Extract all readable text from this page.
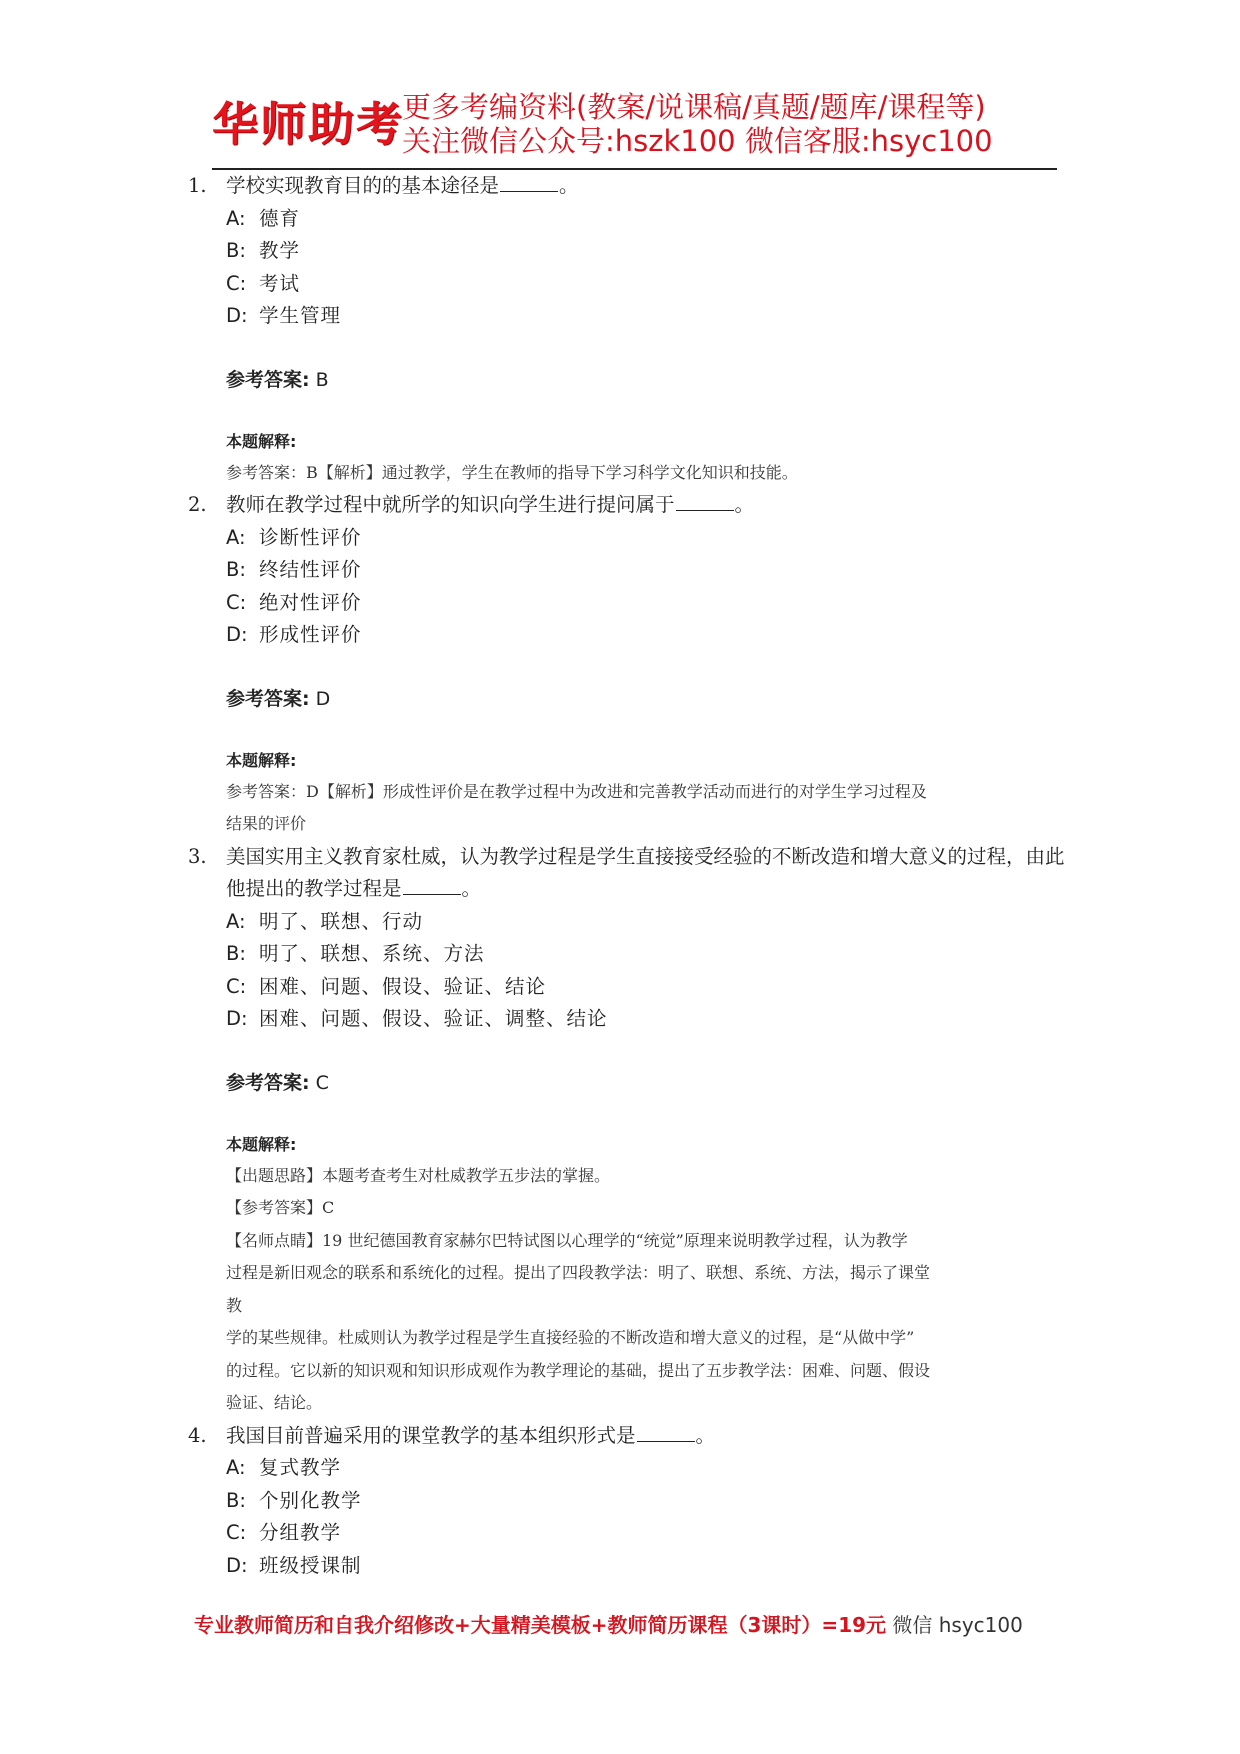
华师助考
更多考编资料(教案/说课稿/真题/题库/课程等)
关注微信公众号:hszk100 微信客服:hsyc100
1. 学校实现教育目的的基本途径是	。
A: 德育
B: 教学
C: 考试
D: 学生管理
参考答案: B
本题解释:
参考答案：B【解析】通过教学，学生在教师的指导下学习科学文化知识和技能。
2. 教师在教学过程中就所学的知识向学生进行提问属于	。
A: 诊断性评价
B: 终结性评价
C: 绝对性评价
D: 形成性评价
参考答案: D
本题解释:
参考答案：D【解析】形成性评价是在教学过程中为改进和完善教学活动而进行的对学生学习过程及
结果的评价
3. 美国实用主义教育家杜威，认为教学过程是学生直接接受经验的不断改造和增大意义的过程，由此他提出的教学过程是	。
A: 明了、联想、行动
B: 明了、联想、系统、方法
C: 困难、问题、假设、验证、结论
D: 困难、问题、假设、验证、调整、结论
参考答案: C
本题解释:
【出题思路】本题考查考生对杜威教学五步法的掌握。
【参考答案】C
【名师点睛】19 世纪德国教育家赫尔巴特试图以心理学的“统觉”原理来说明教学过程，认为教学
过程是新旧观念的联系和系统化的过程。提出了四段教学法：明了、联想、系统、方法，揭示了课堂
教
学的某些规律。杜威则认为教学过程是学生直接经验的不断改造和增大意义的过程，是“从做中学”
的过程。它以新的知识观和知识形成观作为教学理论的基础，提出了五步教学法：困难、问题、假设
验证、结论。
4. 我国目前普遍采用的课堂教学的基本组织形式是	。
A: 复式教学
B: 个别化教学
C: 分组教学
D: 班级授课制
专业教师简历和自我介绍修改+大量精美模板+教师简历课程（3课时）=19元 微信 hsyc100
